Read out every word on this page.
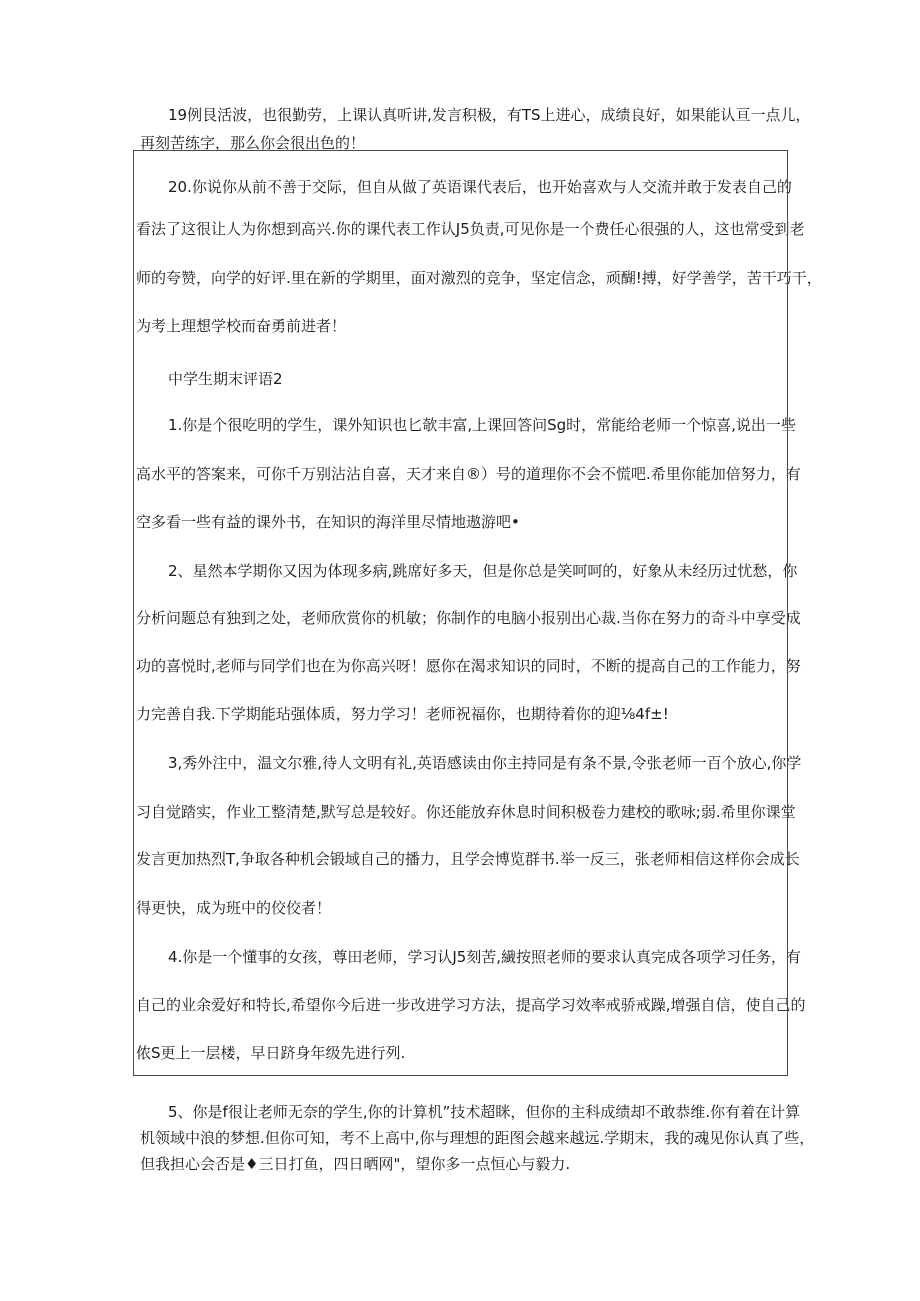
19例艮活波，也很勤劳，上课认真听讲,发言积极，有TS上进心，成绩良好，如果能认亘一点儿，
再刻苦练字，那么你会很出色的！
20.你说你从前不善于交际，但自从做了英语课代表后，也开始喜欢与人交流并敢于发表自己的
看法了这很让人为你想到高兴.你的课代表工作认J5负责,可见你是一个费任心很强的人，这也常受到老
师的夸赞，向学的好评.里在新的学期里，面对激烈的竞争，坚定信念，顽醐!搏，好学善学，苦干巧干，
为考上理想学校而奋勇前进者！
中学生期末评语2
1.你是个很吃明的学生，课外知识也匕欹丰富,上课回答问Sg时，常能给老师一个惊喜,说出一些
高水平的答案来，可你千万别沾沾自喜，天才来自®）号的道理你不会不慌吧.希里你能加倍努力，有
空多看一些有益的课外书，在知识的海洋里尽情地遨游吧•
2、星然本学期你又因为体现多病,跳席好多天，但是你总是笑呵呵的，好象从未经历过忧愁，你
分析问题总有独到之处，老师欣赏你的机敏；你制作的电脑小报别出心裁.当你在努力的奇斗中享受成
功的喜悦时,老师与同学们也在为你高兴呀！愿你在渴求知识的同时，不断的提高自己的工作能力，努
5、你是f很让老师无奈的学生,你的计算机”技术超眯，但你的主科成绩却不敢恭维.你有着在计算
机领域中浪的梦想.但你可知，考不上高中,你与理想的距图会越来越远.学期末，我的魂见你认真了些，
但我担心会否是♦三日打鱼，四日晒网"，望你多一点恒心与毅力.
力完善自我.下学期能玷强体质，努力学习！老师祝福你，也期待着你的迎⅛4f±!
3,秀外注中，温文尔雅,待人文明有礼,英语感读由你主持同是有条不景,令张老师一百个放心,你学
习自觉踏实，作业工整清楚,默写总是较好。你还能放弃休息时间积极卷力建校的歌咏;弱.希里你课堂
发言更加热烈T,争取各种机会锻域自己的播力，且学会博览群书.举一反三，张老师相信这样你会成长
得更快，成为班中的佼佼者！
4.你是一个懂事的女孩，尊田老师，学习认J5刻苦,繊按照老师的要求认真完成各项学习任务，有
自己的业余爱好和特长,希望你今后进一步改进学习方法，提高学习效率戒骄戒躁,增强自信，使自己的
侬S更上一层楼，早日跻身年级先进行列.
